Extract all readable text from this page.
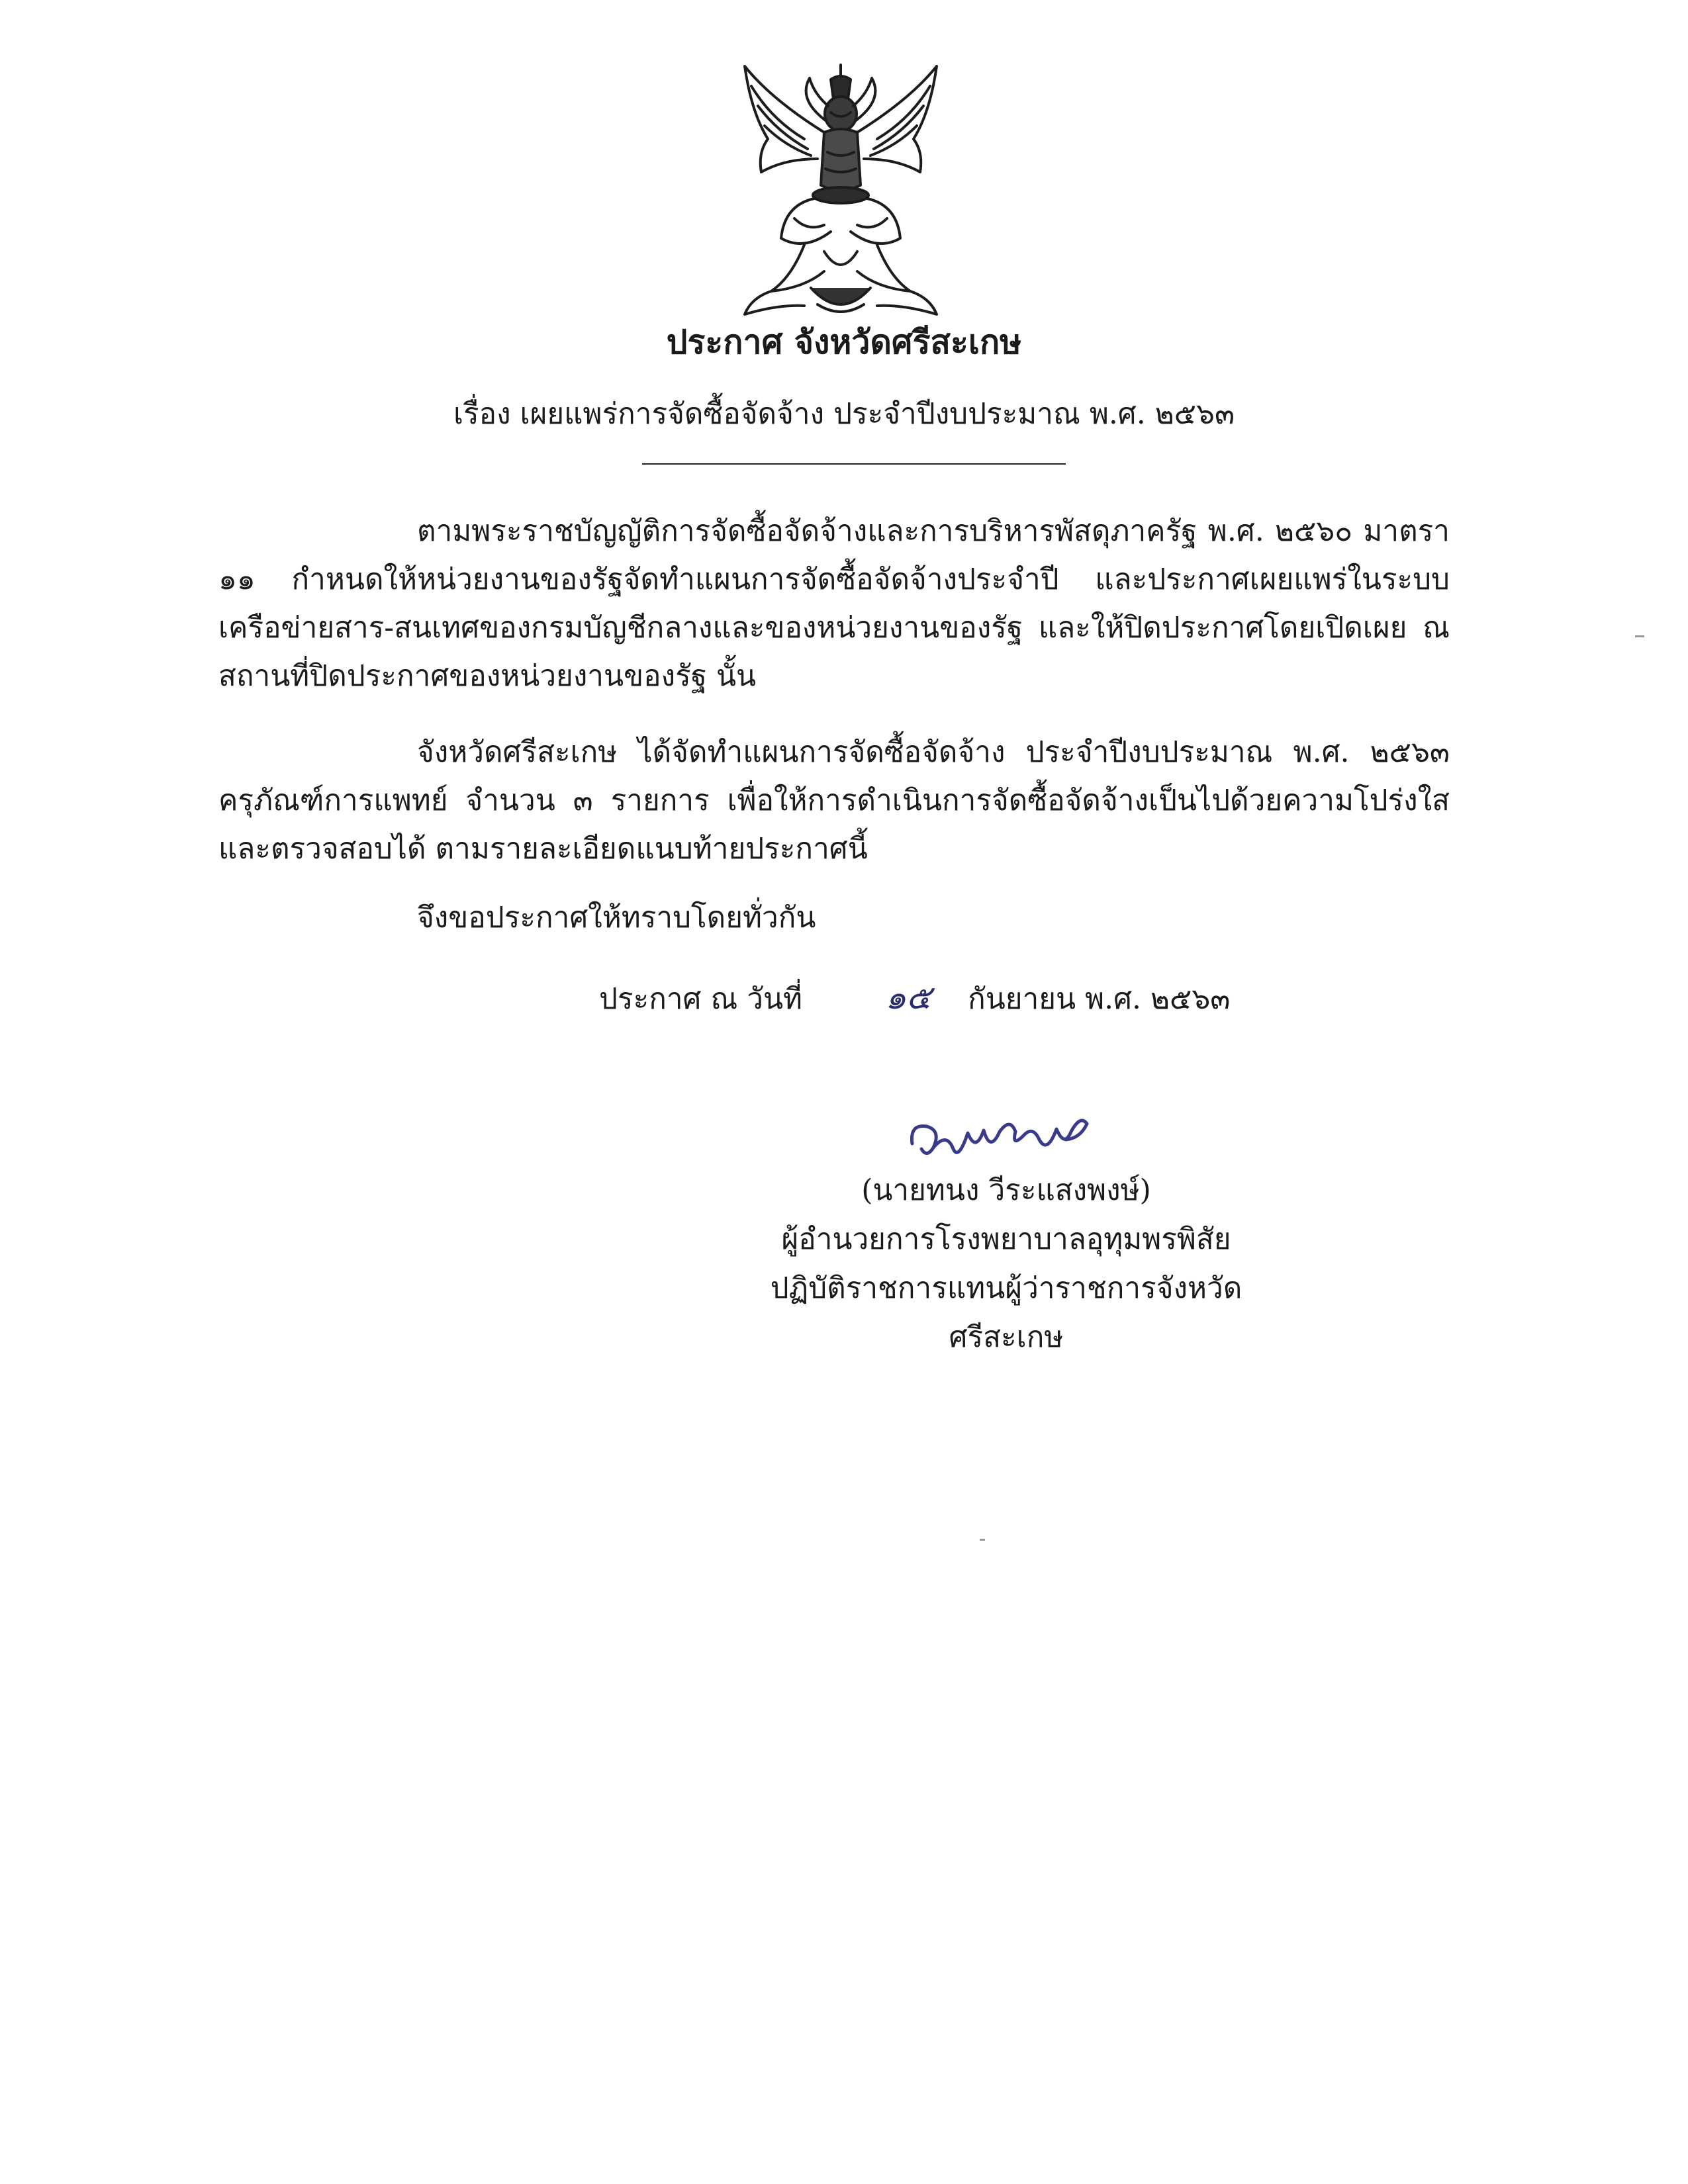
ประกาศ จังหวัดศรีสะเกษ
เรื่อง เผยแพร่การจัดซื้อจัดจ้าง ประจำปีงบประมาณ พ.ศ. ๒๕๖๓
ตามพระราชบัญญัติการจัดซื้อจัดจ้างและการบริหารพัสดุภาครัฐ พ.ศ. ๒๕๖๐ มาตรา ๑๑ กำหนดให้หน่วยงานของรัฐจัดทำแผนการจัดซื้อจัดจ้างประจำปี และประกาศเผยแพร่ในระบบเครือข่ายสาร-สนเทศของกรมบัญชีกลางและของหน่วยงานของรัฐ และให้ปิดประกาศโดยเปิดเผย ณ สถานที่ปิดประกาศของหน่วยงานของรัฐ นั้น
จังหวัดศรีสะเกษ ได้จัดทำแผนการจัดซื้อจัดจ้าง ประจำปีงบประมาณ พ.ศ. ๒๕๖๓ ครุภัณฑ์การแพทย์ จำนวน ๓ รายการ เพื่อให้การดำเนินการจัดซื้อจัดจ้างเป็นไปด้วยความโปร่งใส และตรวจสอบได้ ตามรายละเอียดแนบท้ายประกาศนี้
จึงขอประกาศให้ทราบโดยทั่วกัน
ประกาศ ณ วันที่	๑๕ กันยายน พ.ศ. ๒๕๖๓
(นายทนง วีระแสงพงษ์)
ผู้อำนวยการโรงพยาบาลอุทุมพรพิสัย
ปฏิบัติราชการแทนผู้ว่าราชการจังหวัดศรีสะเกษ
